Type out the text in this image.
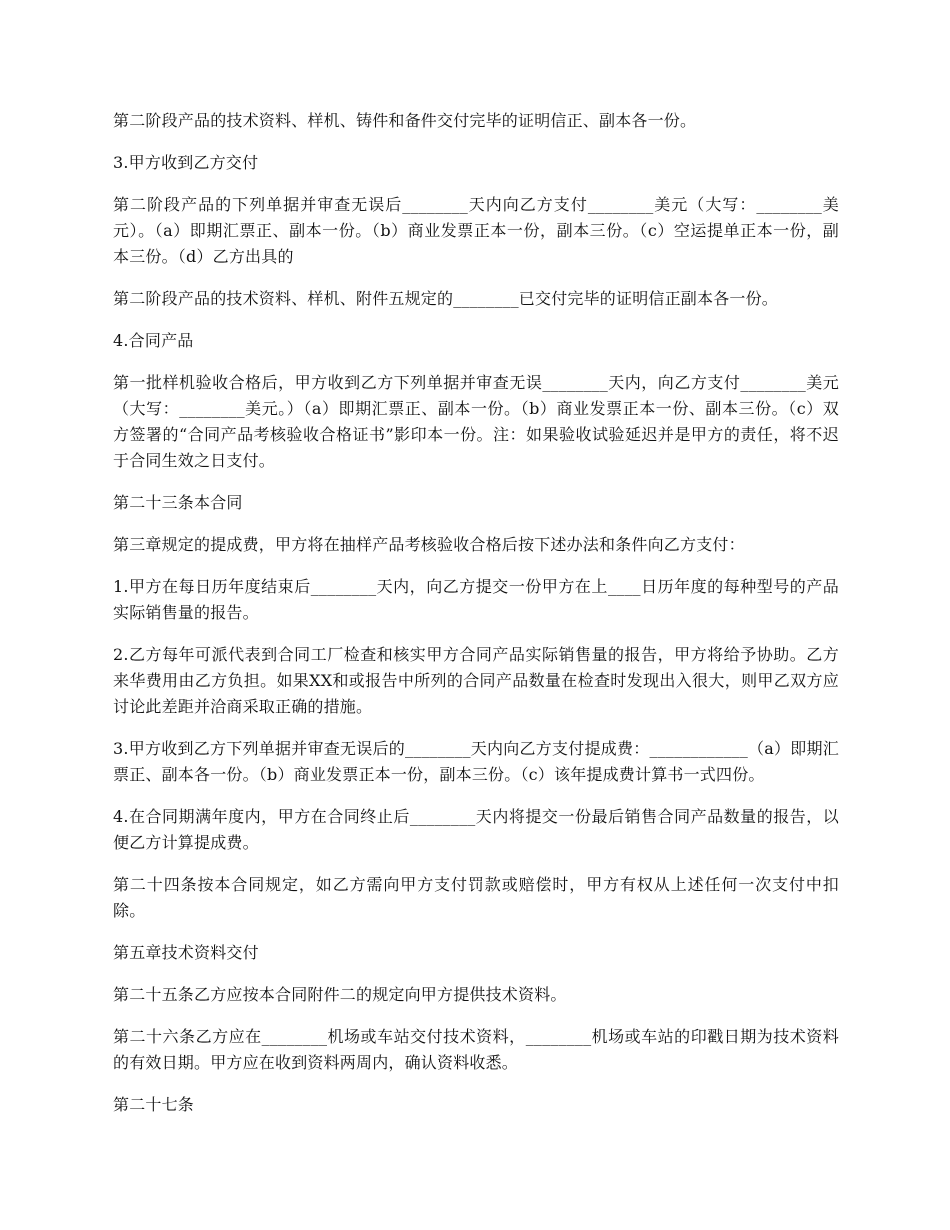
第二阶段产品的技术资料、样机、铸件和备件交付完毕的证明信正、副本各一份。

3.甲方收到乙方交付

第二阶段产品的下列单据并审查无误后________天内向乙方支付________美元（大写：________美元）。（a）即期汇票正、副本一份。（b）商业发票正本一份，副本三份。（c）空运提单正本一份，副本三份。（d）乙方出具的

第二阶段产品的技术资料、样机、附件五规定的________已交付完毕的证明信正副本各一份。

4.合同产品

第一批样机验收合格后，甲方收到乙方下列单据并审查无误________天内，向乙方支付________美元（大写：________美元。）（a）即期汇票正、副本一份。（b）商业发票正本一份、副本三份。（c）双方签署的“合同产品考核验收合格证书”影印本一份。注：如果验收试验延迟并是甲方的责任，将不迟于合同生效之日支付。

第二十三条本合同

第三章规定的提成费，甲方将在抽样产品考核验收合格后按下述办法和条件向乙方支付：

1.甲方在每日历年度结束后________天内，向乙方提交一份甲方在上____日历年度的每种型号的产品实际销售量的报告。

2.乙方每年可派代表到合同工厂检查和核实甲方合同产品实际销售量的报告，甲方将给予协助。乙方来华费用由乙方负担。如果XX和或报告中所列的合同产品数量在检查时发现出入很大，则甲乙双方应讨论此差距并洽商采取正确的措施。

3.甲方收到乙方下列单据并审查无误后的________天内向乙方支付提成费：____________（a）即期汇票正、副本各一份。（b）商业发票正本一份，副本三份。（c）该年提成费计算书一式四份。

4.在合同期满年度内，甲方在合同终止后________天内将提交一份最后销售合同产品数量的报告，以便乙方计算提成费。

第二十四条按本合同规定，如乙方需向甲方支付罚款或赔偿时，甲方有权从上述任何一次支付中扣除。

第五章技术资料交付

第二十五条乙方应按本合同附件二的规定向甲方提供技术资料。

第二十六条乙方应在________机场或车站交付技术资料，________机场或车站的印戳日期为技术资料的有效日期。甲方应在收到资料两周内，确认资料收悉。

第二十七条
